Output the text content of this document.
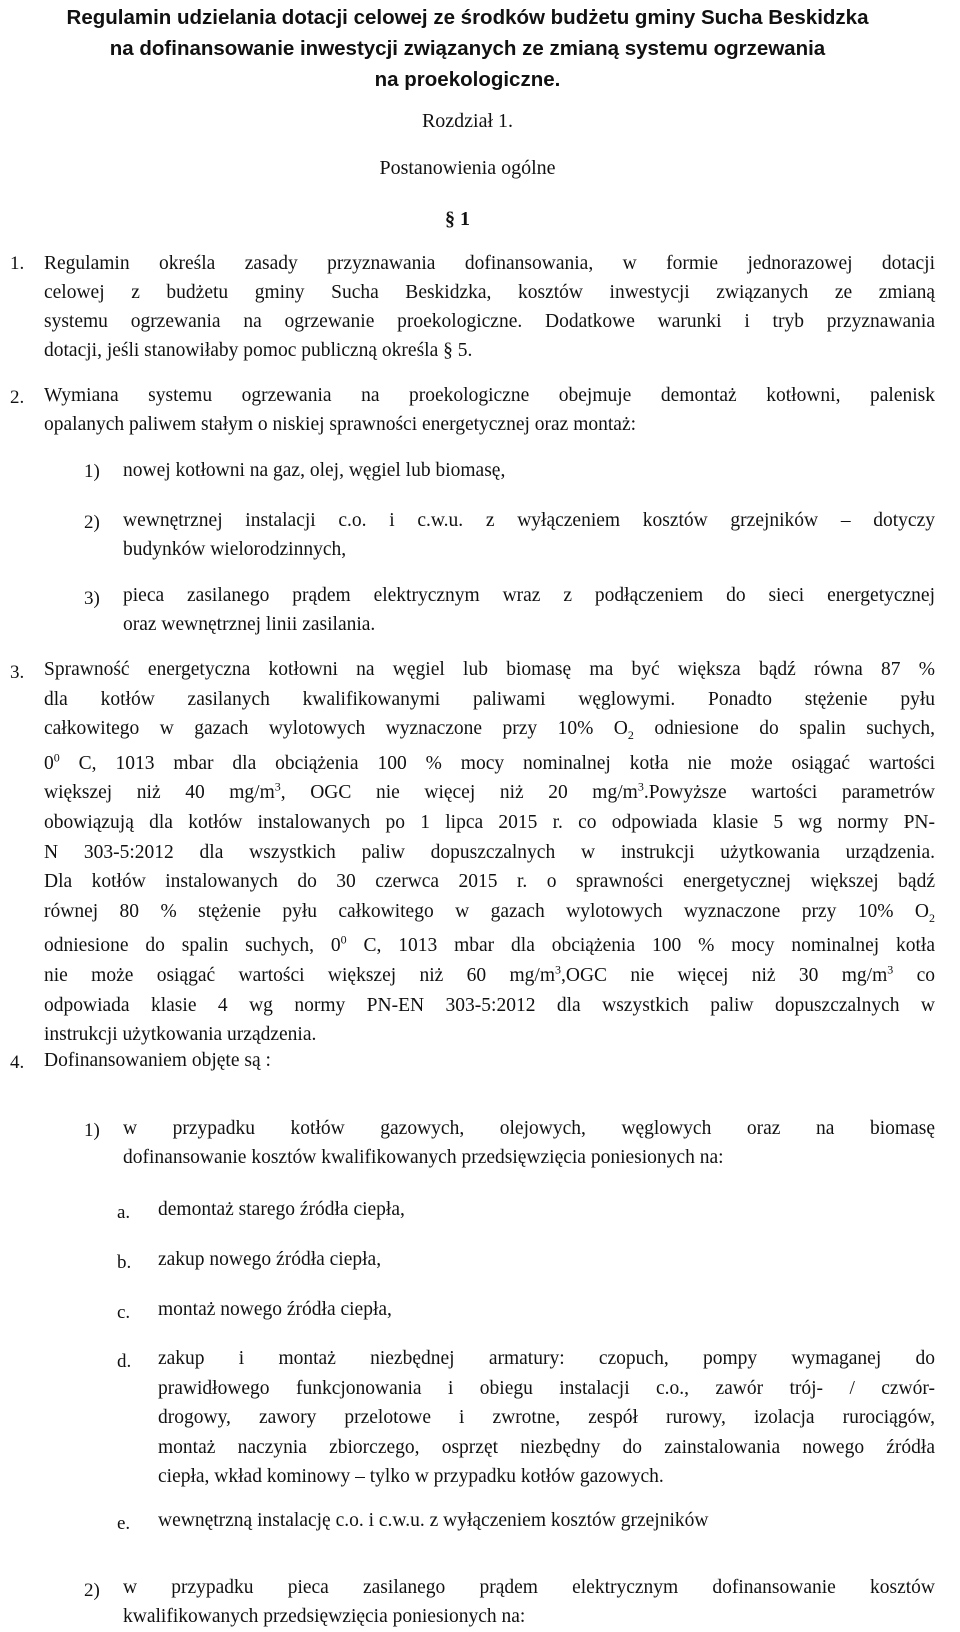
Regulamin udzielania dotacji celowej ze środków budżetu gminy Sucha Beskidzka
na dofinansowanie inwestycji związanych ze zmianą systemu ogrzewania
na proekologiczne.
Rozdział 1.
Postanowienia ogólne
§ 1
1. Regulamin określa zasady przyznawania dofinansowania, w formie jednorazowej dotacji
celowej z budżetu gminy Sucha Beskidzka, kosztów inwestycji związanych ze zmianą
systemu ogrzewania na ogrzewanie proekologiczne. Dodatkowe warunki i tryb przyznawania
dotacji, jeśli stanowiłaby pomoc publiczną określa § 5.
2. Wymiana systemu ogrzewania na proekologiczne obejmuje demontaż kotłowni, palenisk
opalanych paliwem stałym o niskiej sprawności energetycznej oraz montaż:
1) nowej kotłowni na gaz, olej, węgiel lub biomasę,
2) wewnętrznej instalacji c.o. i c.w.u. z wyłączeniem kosztów grzejników – dotyczy
budynków wielorodzinnych,
3) pieca zasilanego prądem elektrycznym wraz z podłączeniem do sieci energetycznej
oraz wewnętrznej linii zasilania.
3. Sprawność energetyczna kotłowni na węgiel lub biomasę ma być większa bądź równa 87 %
dla kotłów zasilanych kwalifikowanymi paliwami węglowymi. Ponadto stężenie pyłu
całkowitego w gazach wylotowych wyznaczone przy 10% $O_2$ odniesione do spalin suchych,
$0^0$ C, 1013 mbar dla obciążenia 100 % mocy nominalnej kotła nie może osiągać wartości
większej niż 40 $mg/m^3$, OGC nie więcej niż 20 $mg/m^3.Powyższe$ wartości parametrów
obowiązują dla kotłów instalowanych po 1 lipca 2015 r. co odpowiada klasie 5 wg normy PN-
N 303-5:2012 dla wszystkich paliw dopuszczalnych w instrukcji użytkowania urządzenia.
Dla kotłów instalowanych do 30 czerwca 2015 r. o sprawności energetycznej większej bądź
równej 80 % stężenie pyłu całkowitego w gazach wylotowych wyznaczone przy 10% $O_2$
odniesione do spalin suchych, $0^0$ C, 1013 mbar dla obciążenia 100 % mocy nominalnej kotła
nie może osiągać wartości większej niż 60 $mg/m^3,OGC$ nie więcej niż 30 $mg/m^3$ co
odpowiada klasie 4 wg normy PN-EN 303-5:2012 dla wszystkich paliw dopuszczalnych w
instrukcji użytkowania urządzenia.
4. Dofinansowaniem objęte są :
1) w przypadku kotłów gazowych, olejowych, węglowych oraz na biomasę
dofinansowanie kosztów kwalifikowanych przedsięwzięcia poniesionych na:
a. demontaż starego źródła ciepła,
b. zakup nowego źródła ciepła,
c. montaż nowego źródła ciepła,
d. zakup i montaż niezbędnej armatury: czopuch, pompy wymaganej do
prawidłowego funkcjonowania i obiegu instalacji c.o., zawór trój- / czwór-
drogowy, zawory przelotowe i zwrotne, zespół rurowy, izolacja rurociągów,
montaż naczynia zbiorczego, osprzęt niezbędny do zainstalowania nowego źródła
ciepła, wkład kominowy – tylko w przypadku kotłów gazowych.
e. wewnętrzną instalację c.o. i c.w.u. z wyłączeniem kosztów grzejników
2) w przypadku pieca zasilanego prądem elektrycznym dofinansowanie kosztów
kwalifikowanych przedsięwzięcia poniesionych na:
